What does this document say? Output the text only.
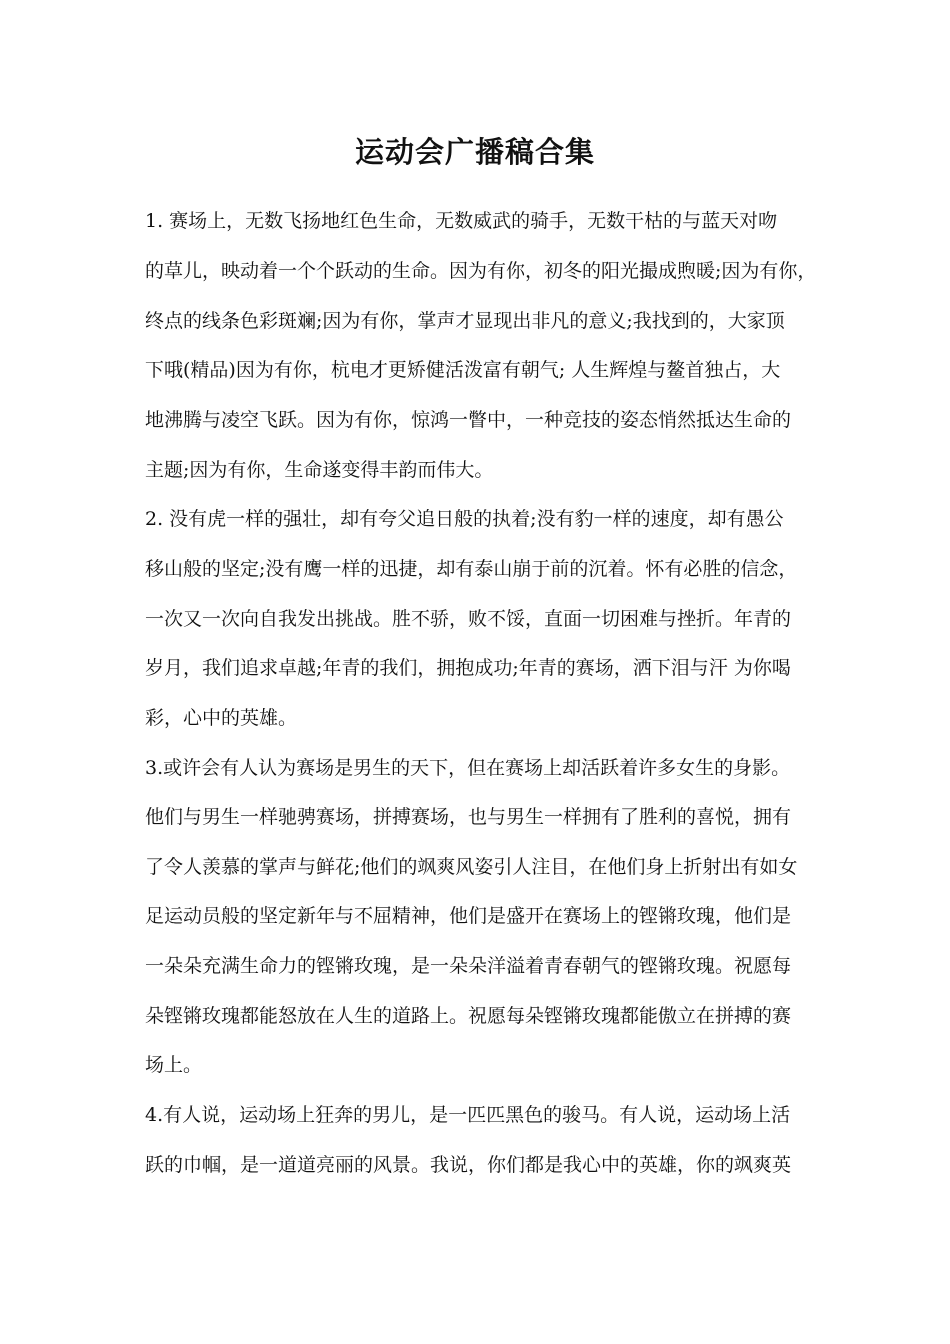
运动会广播稿合集

1. 赛场上，无数飞扬地红色生命，无数威武的骑手，无数干枯的与蓝天对吻

的草儿，映动着一个个跃动的生命。因为有你，初冬的阳光撮成煦暖;因为有你，

终点的线条色彩斑斓;因为有你，掌声才显现出非凡的意义;我找到的，大家顶

下哦(精品)因为有你，杭电才更矫健活泼富有朝气; 人生辉煌与鳌首独占，大

地沸腾与凌空飞跃。因为有你，惊鸿一瞥中，一种竞技的姿态悄然抵达生命的

主题;因为有你，生命遂变得丰韵而伟大。

2. 没有虎一样的强壮，却有夸父追日般的执着;没有豹一样的速度，却有愚公

移山般的坚定;没有鹰一样的迅捷，却有泰山崩于前的沉着。怀有必胜的信念，

一次又一次向自我发出挑战。胜不骄，败不馁，直面一切困难与挫折。年青的

岁月，我们追求卓越;年青的我们，拥抱成功;年青的赛场，洒下泪与汗 为你喝

彩，心中的英雄。

3.或许会有人认为赛场是男生的天下，但在赛场上却活跃着许多女生的身影。

他们与男生一样驰骋赛场，拼搏赛场，也与男生一样拥有了胜利的喜悦，拥有

了令人羡慕的掌声与鲜花;他们的飒爽风姿引人注目，在他们身上折射出有如女

足运动员般的坚定新年与不屈精神，他们是盛开在赛场上的铿锵玫瑰，他们是

一朵朵充满生命力的铿锵玫瑰，是一朵朵洋溢着青春朝气的铿锵玫瑰。祝愿每

朵铿锵玫瑰都能怒放在人生的道路上。祝愿每朵铿锵玫瑰都能傲立在拼搏的赛

场上。

4.有人说，运动场上狂奔的男儿，是一匹匹黑色的骏马。有人说，运动场上活

跃的巾帼，是一道道亮丽的风景。我说，你们都是我心中的英雄，你的飒爽英
